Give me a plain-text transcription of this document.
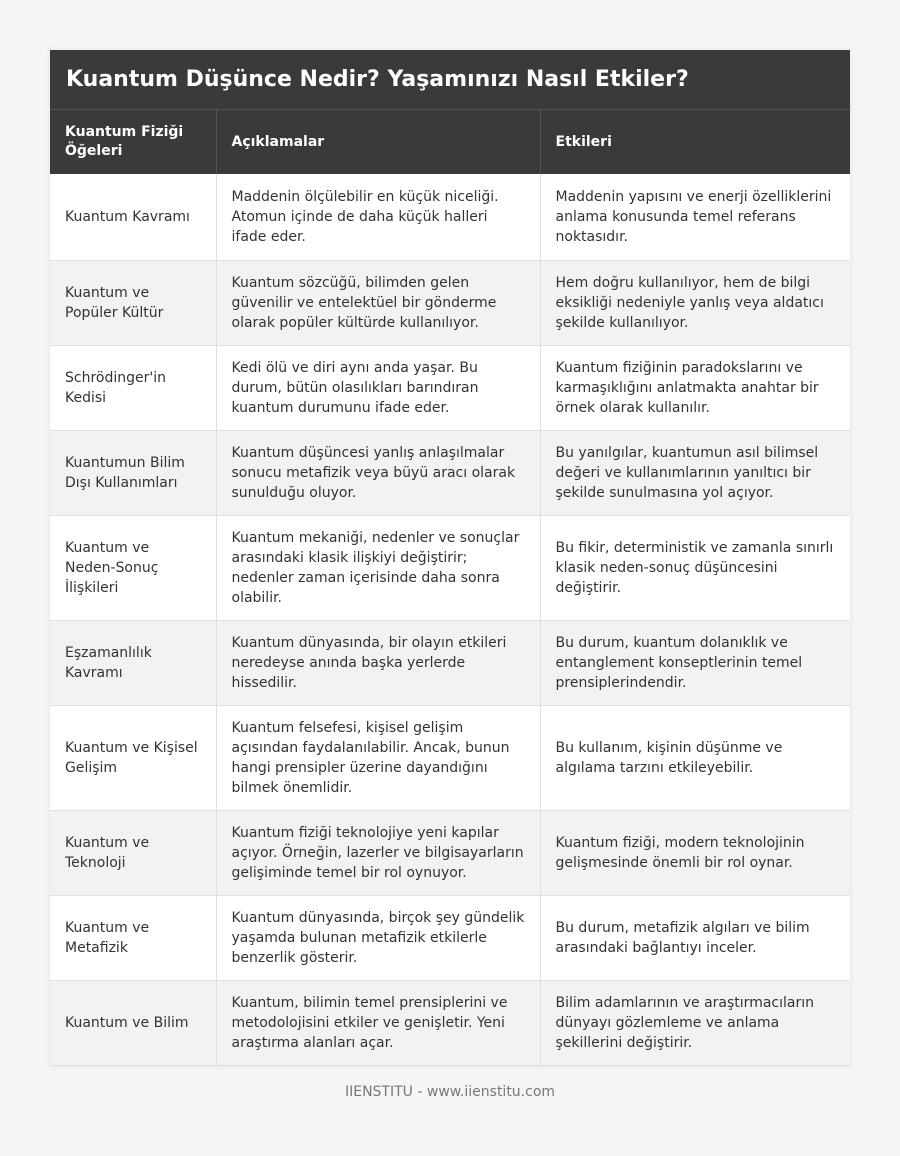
Kuantum Düşünce Nedir? Yaşamınızı Nasıl Etkiler?
Kuantum Fiziği Öğeleri	Açıklamalar	Etkileri
Kuantum Kavramı	Maddenin ölçülebilir en küçük niceliği. Atomun içinde de daha küçük halleri ifade eder.	Maddenin yapısını ve enerji özelliklerini anlama konusunda temel referans noktasıdır.
Kuantum ve Popüler Kültür	Kuantum sözcüğü, bilimden gelen güvenilir ve entelektüel bir gönderme olarak popüler kültürde kullanılıyor.	Hem doğru kullanılıyor, hem de bilgi eksikliği nedeniyle yanlış veya aldatıcı şekilde kullanılıyor.
Schrödinger'in Kedisi	Kedi ölü ve diri aynı anda yaşar. Bu durum, bütün olasılıkları barındıran kuantum durumunu ifade eder.	Kuantum fiziğinin paradokslarını ve karmaşıklığını anlatmakta anahtar bir örnek olarak kullanılır.
Kuantumun Bilim Dışı Kullanımları	Kuantum düşüncesi yanlış anlaşılmalar sonucu metafizik veya büyü aracı olarak sunulduğu oluyor.	Bu yanılgılar, kuantumun asıl bilimsel değeri ve kullanımlarının yanıltıcı bir şekilde sunulmasına yol açıyor.
Kuantum ve Neden-Sonuç İlişkileri	Kuantum mekaniği, nedenler ve sonuçlar arasındaki klasik ilişkiyi değiştirir; nedenler zaman içerisinde daha sonra olabilir.	Bu fikir, deterministik ve zamanla sınırlı klasik neden-sonuç düşüncesini değiştirir.
Eşzamanlılık Kavramı	Kuantum dünyasında, bir olayın etkileri neredeyse anında başka yerlerde hissedilir.	Bu durum, kuantum dolanıklık ve entanglement konseptlerinin temel prensiplerindendir.
Kuantum ve Kişisel Gelişim	Kuantum felsefesi, kişisel gelişim açısından faydalanılabilir. Ancak, bunun hangi prensipler üzerine dayandığını bilmek önemlidir.	Bu kullanım, kişinin düşünme ve algılama tarzını etkileyebilir.
Kuantum ve Teknoloji	Kuantum fiziği teknolojiye yeni kapılar açıyor. Örneğin, lazerler ve bilgisayarların gelişiminde temel bir rol oynuyor.	Kuantum fiziği, modern teknolojinin gelişmesinde önemli bir rol oynar.
Kuantum ve Metafizik	Kuantum dünyasında, birçok şey gündelik yaşamda bulunan metafizik etkilerle benzerlik gösterir.	Bu durum, metafizik algıları ve bilim arasındaki bağlantıyı inceler.
Kuantum ve Bilim	Kuantum, bilimin temel prensiplerini ve metodolojisini etkiler ve genişletir. Yeni araştırma alanları açar.	Bilim adamlarının ve araştırmacıların dünyayı gözlemleme ve anlama şekillerini değiştirir.
IIENSTITU - www.iienstitu.com
